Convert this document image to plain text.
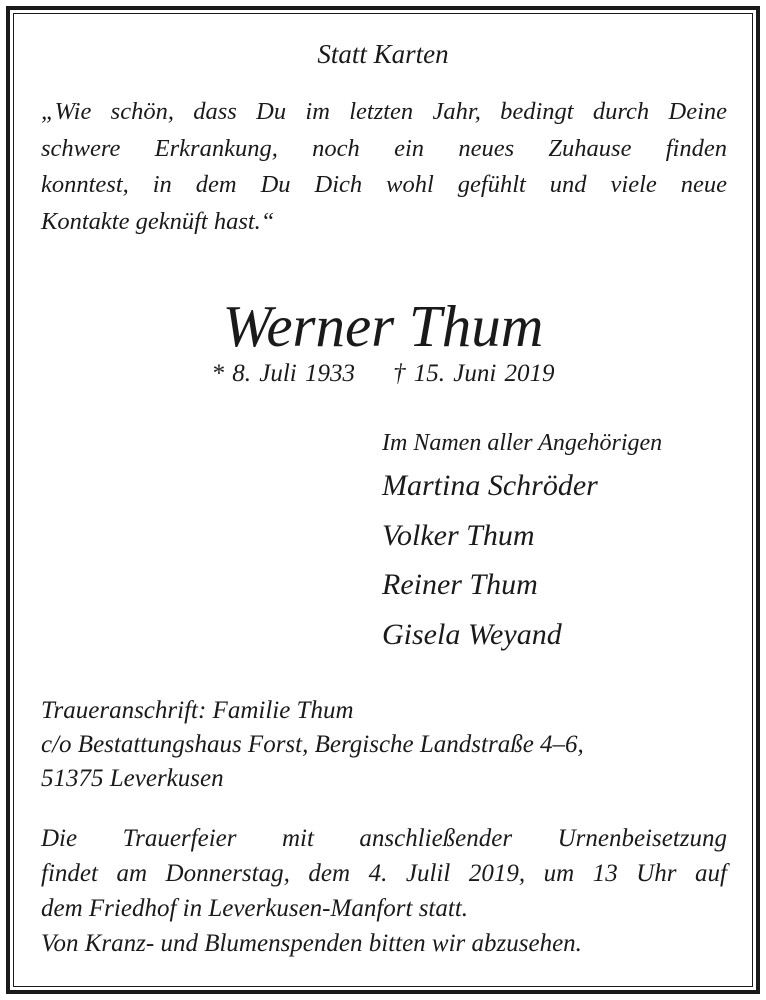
Statt Karten

„Wie schön, dass Du im letzten Jahr, bedingt durch Deine
schwere Erkrankung, noch ein neues Zuhause finden
konntest, in dem Du Dich wohl gefühlt und viele neue
Kontakte geknüft hast.“

Werner Thum

* 8. Juli 1933 † 15. Juni 2019

Im Namen aller Angehörigen
Martina Schröder
Volker Thum
Reiner Thum
Gisela Weyand
Traueranschrift: Familie Thum
c/o Bestattungshaus Forst, Bergische Landstraße 4–6,
51375 Leverkusen
Die Trauerfeier mit anschließender Urnenbeisetzung
findet am Donnerstag, dem 4. Julil 2019, um 13 Uhr auf
dem Friedhof in Leverkusen-Manfort statt.
Von Kranz- und Blumenspenden bitten wir abzusehen.
